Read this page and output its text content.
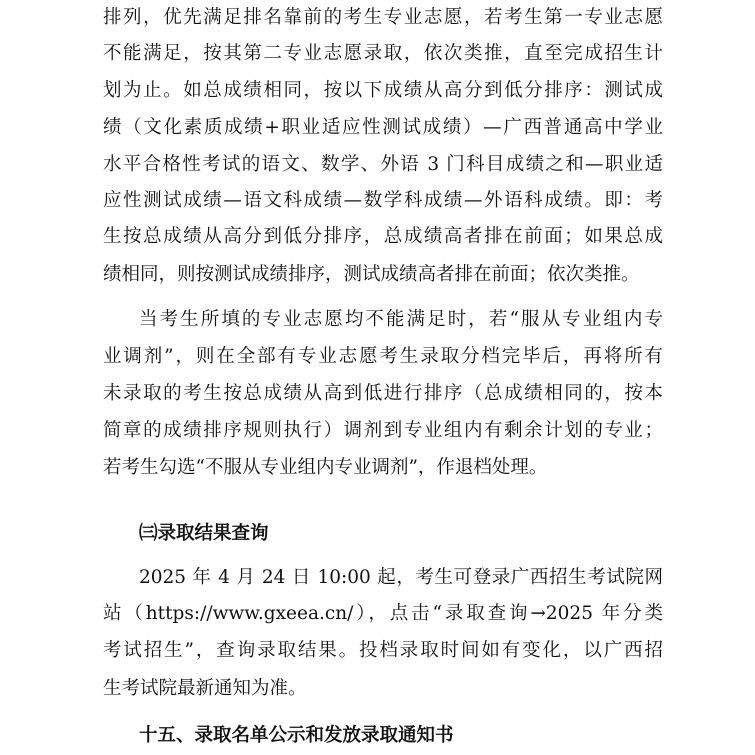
排列，优先满足排名靠前的考生专业志愿，若考生第一专业志愿
不能满足，按其第二专业志愿录取，依次类推，直至完成招生计
划为止。如总成绩相同，按以下成绩从高分到低分排序：测试成
绩（文化素质成绩+职业适应性测试成绩）—广西普通高中学业
水平合格性考试的语文、数学、外语 3 门科目成绩之和—职业适
应性测试成绩—语文科成绩—数学科成绩—外语科成绩。即：考
生按总成绩从高分到低分排序，总成绩高者排在前面；如果总成
绩相同，则按测试成绩排序，测试成绩高者排在前面；依次类推。
当考生所填的专业志愿均不能满足时，若“服从专业组内专
业调剂”，则在全部有专业志愿考生录取分档完毕后，再将所有
未录取的考生按总成绩从高到低进行排序（总成绩相同的，按本
简章的成绩排序规则执行）调剂到专业组内有剩余计划的专业；
若考生勾选“不服从专业组内专业调剂”，作退档处理。
㈢录取结果查询
2025 年 4 月 24 日 10:00 起，考生可登录广西招生考试院网
站（https://www.gxeea.cn/），点击“录取查询→2025 年分类
考试招生”，查询录取结果。投档录取时间如有变化，以广西招
生考试院最新通知为准。
十五、录取名单公示和发放录取通知书
